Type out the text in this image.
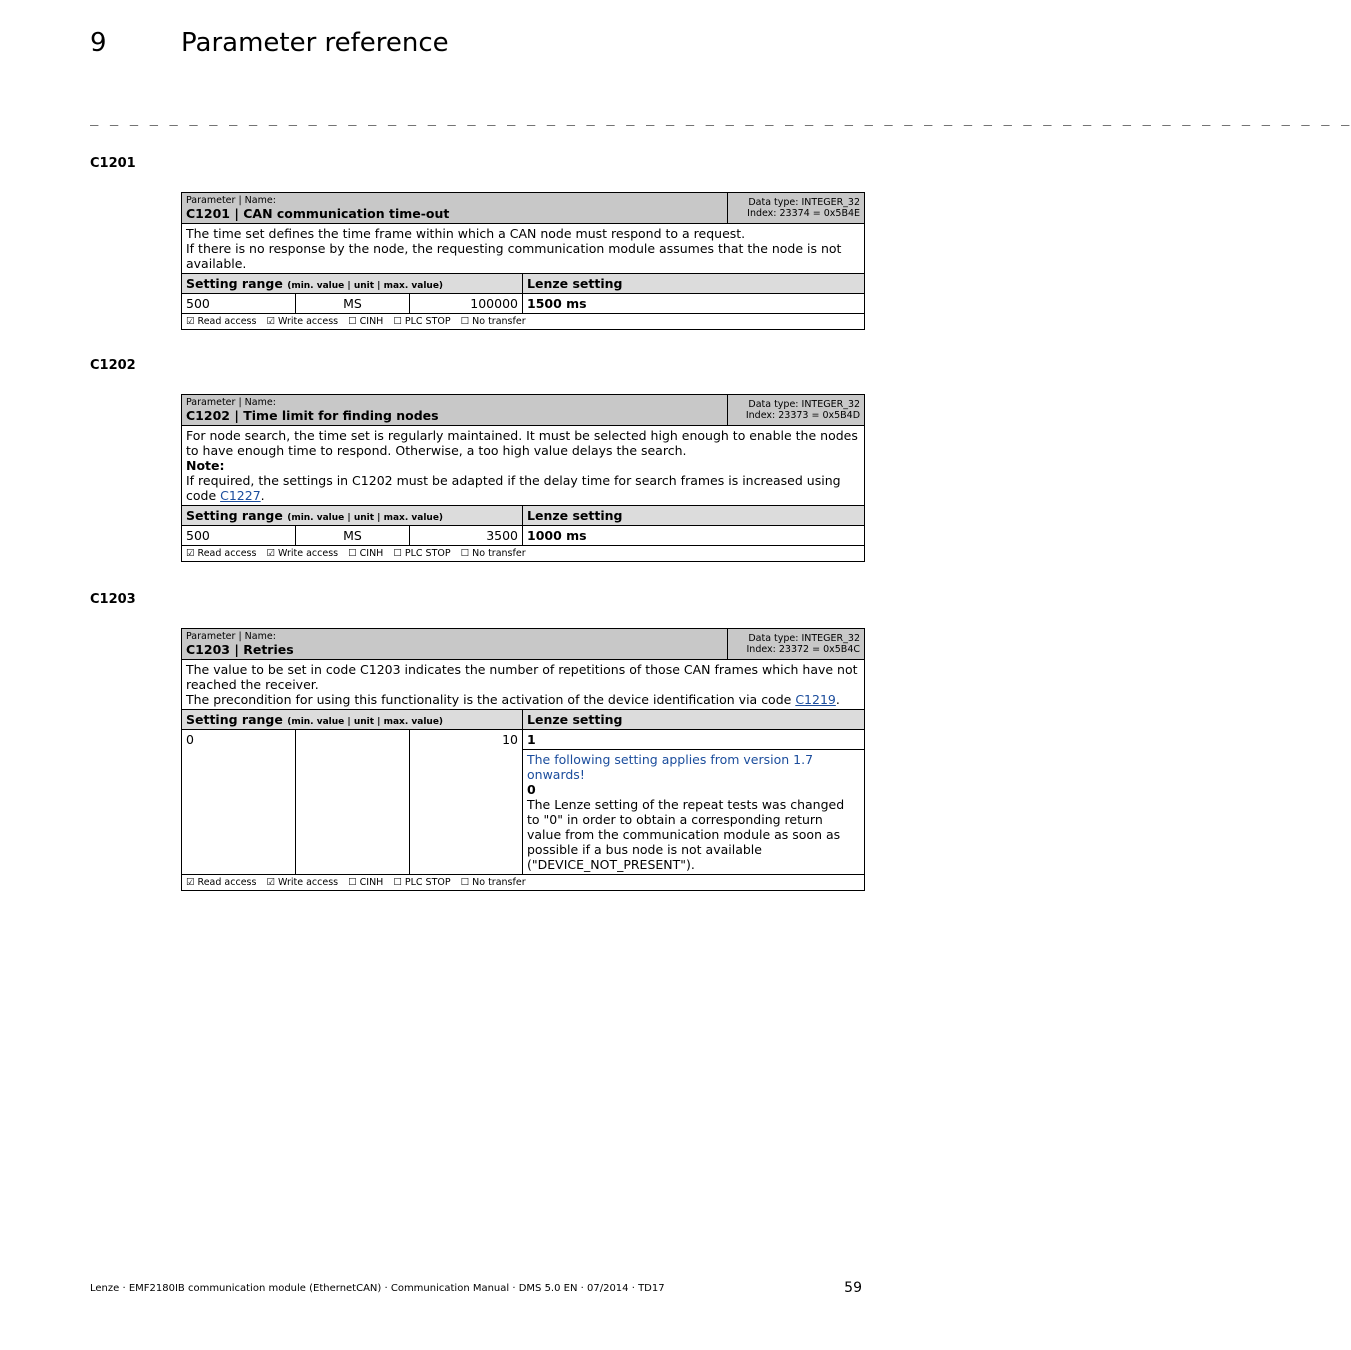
9	Parameter reference
_ _ _ _ _ _ _ _ _ _ _ _ _ _ _ _ _ _ _ _ _ _ _ _ _ _ _ _ _ _ _ _ _ _ _ _ _ _ _ _ _ _ _ _ _ _ _ _ _ _ _ _ _ _ _ _ _ _ _ _ _ _ _ _
C1201
Parameter | Name:
C1201 | CAN communication time-out				Data type: INTEGER_32
Index: 23374 = 0x5B4E

The time set defines the time frame within which a CAN node must respond to a request.

If there is no response by the node, the requesting communication module assumes that the node is not available.				

Setting range (min. value | unit | max. value)			Lenze setting	
500	MS	100000	1500 ms	
☑ Read access ☑ Write access ☐ CINH ☐ PLC STOP ☐ No transfer				
C1202
Parameter | Name:
C1202 | Time limit for finding nodes				Data type: INTEGER_32
Index: 23373 = 0x5B4D

For node search, the time set is regularly maintained. It must be selected high enough to enable the nodes to have enough time to respond. Otherwise, a too high value delays the search.

Note:

If required, the settings in C1202 must be adapted if the delay time for search frames is increased using code C1227.				

Setting range (min. value | unit | max. value)			Lenze setting	
500	MS	3500	1000 ms	
☑ Read access ☑ Write access ☐ CINH ☐ PLC STOP ☐ No transfer				
C1203
Parameter | Name:
C1203 | Retries				Data type: INTEGER_32
Index: 23372 = 0x5B4C

The value to be set in code C1203 indicates the number of repetitions of those CAN frames which have not reached the receiver.

The precondition for using this functionality is the activation of the device identification via code C1219.				

Setting range (min. value | unit | max. value)			Lenze setting	
0		10	1	

			The following setting applies from version 1.7 onwards!

0

The Lenze setting of the repeat tests was changed to "0" in order to obtain a corresponding return value from the communication module as soon as possible if a bus node is not available ("DEVICE_NOT_PRESENT").	

☑ Read access ☑ Write access ☐ CINH ☐ PLC STOP ☐ No transfer				
Lenze · EMF2180IB communication module (EthernetCAN) · Communication Manual · DMS 5.0 EN · 07/2014 · TD17	59
